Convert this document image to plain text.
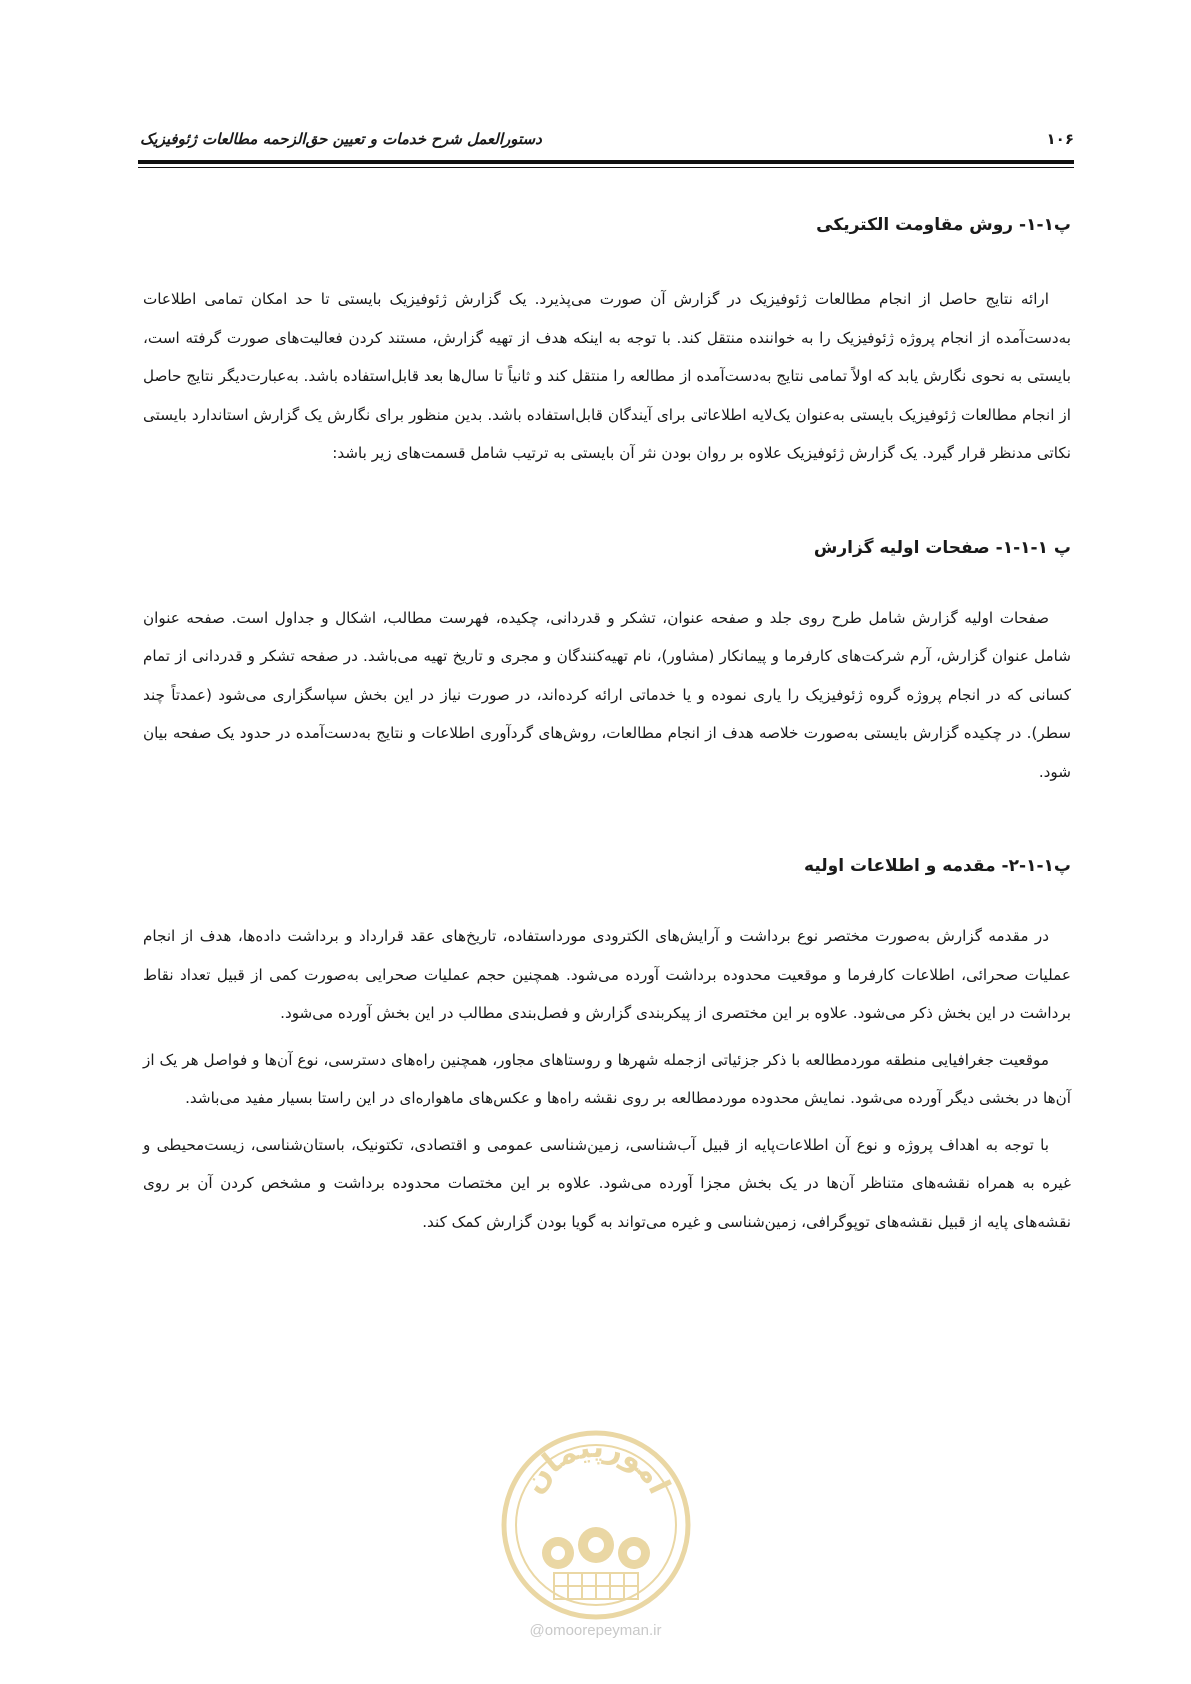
۱۰۶
دستورالعمل شرح خدمات و تعیین حق‌الزحمه مطالعات ژئوفیزیک
پ۱-۱- روش مقاومت الکتریکی

ارائه نتایج حاصل از انجام مطالعات ژئوفیزیک در گزارش آن صورت می‌پذیرد. یک گزارش ژئوفیزیک بایستی تا حد امکان تمامی اطلاعات به‌دست‌آمده از انجام پروژه ژئوفیزیک را به خواننده منتقل کند. با توجه به اینکه هدف از تهیه گزارش، مستند کردن فعالیت‌های صورت گرفته است، بایستی به نحوی نگارش یابد که اولاً تمامی نتایج به‌دست‌آمده از مطالعه را منتقل کند و ثانیاً تا سال‌ها بعد قابل‌استفاده باشد. به‌عبارت‌دیگر نتایج حاصل از انجام مطالعات ژئوفیزیک بایستی به‌عنوان یک‌لایه اطلاعاتی برای آیندگان قابل‌استفاده باشد. بدین منظور برای نگارش یک گزارش استاندارد بایستی نکاتی مدنظر قرار گیرد. یک گزارش ژئوفیزیک علاوه بر روان بودن نثر آن بایستی به ترتیب شامل قسمت‌های زیر باشد:

پ ۱-۱-۱- صفحات اولیه گزارش

صفحات اولیه گزارش شامل طرح روی جلد و صفحه عنوان، تشکر و قدردانی، چکیده، فهرست مطالب، اشکال و جداول است. صفحه عنوان شامل عنوان گزارش، آرم شرکت‌های کارفرما و پیمانکار (مشاور)، نام تهیه‌کنندگان و مجری و تاریخ تهیه می‌باشد. در صفحه تشکر و قدردانی از تمام کسانی که در انجام پروژه گروه ژئوفیزیک را یاری نموده و یا خدماتی ارائه کرده‌اند، در صورت نیاز در این بخش سپاسگزاری می‌شود (عمدتاً چند سطر). در چکیده گزارش بایستی به‌صورت خلاصه هدف از انجام مطالعات، روش‌های گردآوری اطلاعات و نتایج به‌دست‌آمده در حدود یک صفحه بیان شود.

پ۱-۱-۲- مقدمه و اطلاعات اولیه

در مقدمه گزارش به‌صورت مختصر نوع برداشت و آرایش‌های الکترودی مورداستفاده، تاریخ‌های عقد قرارداد و برداشت داده‌ها، هدف از انجام عملیات صحرائی، اطلاعات کارفرما و موقعیت محدوده برداشت آورده می‌شود. همچنین حجم عملیات صحرایی به‌صورت کمی از قبیل تعداد نقاط برداشت در این بخش ذکر می‌شود. علاوه بر این مختصری از پیکربندی گزارش و فصل‌بندی مطالب در این بخش آورده می‌شود.

موقعیت جغرافیایی منطقه موردمطالعه با ذکر جزئیاتی ازجمله شهرها و روستاهای مجاور، همچنین راه‌های دسترسی، نوع آن‌ها و فواصل هر یک از آن‌ها در بخشی دیگر آورده می‌شود. نمایش محدوده موردمطالعه بر روی نقشه راه‌ها و عکس‌های ماهواره‌ای در این راستا بسیار مفید می‌باشد.

با توجه به اهداف پروژه و نوع آن اطلاعات‌پایه از قبیل آب‌شناسی، زمین‌شناسی عمومی و اقتصادی، تکتونیک، باستان‌شناسی، زیست‌محیطی و غیره به همراه نقشه‌های متناظر آن‌ها در یک بخش مجزا آورده می‌شود. علاوه بر این مختصات محدوده برداشت و مشخص کردن آن بر روی نقشه‌های پایه از قبیل نقشه‌های توپوگرافی، زمین‌شناسی و غیره می‌تواند به گویا بودن گزارش کمک کند.

امورپیمان
@omoorepeyman.ir
